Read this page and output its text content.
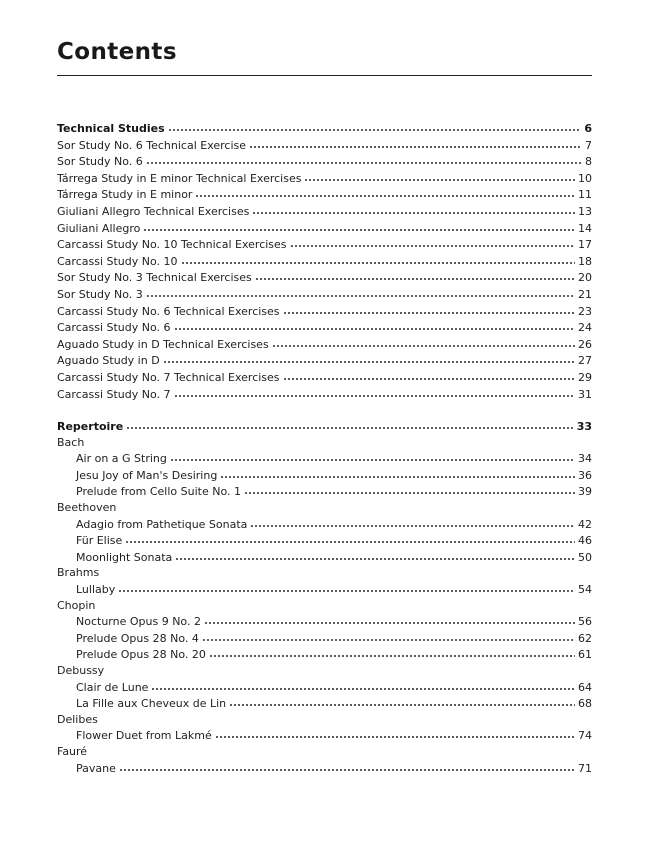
Contents
Technical Studies	6
Sor Study No. 6 Technical Exercise	7
Sor Study No. 6	8
Tárrega Study in E minor Technical Exercises	10
Tárrega Study in E minor	11
Giuliani Allegro Technical Exercises	13
Giuliani Allegro	14
Carcassi Study No. 10 Technical Exercises	17
Carcassi Study No. 10	18
Sor Study No. 3 Technical Exercises	20
Sor Study No. 3	21
Carcassi Study No. 6 Technical Exercises	23
Carcassi Study No. 6	24
Aguado Study in D Technical Exercises	26
Aguado Study in D	27
Carcassi Study No. 7 Technical Exercises	29
Carcassi Study No. 7	31
Repertoire	33
Bach
Air on a G String	34
Jesu Joy of Man's Desiring	36
Prelude from Cello Suite No. 1	39
Beethoven
Adagio from Pathetique Sonata	42
Für Elise	46
Moonlight Sonata	50
Brahms
Lullaby	54
Chopin
Nocturne Opus 9 No. 2	56
Prelude Opus 28 No. 4	62
Prelude Opus 28 No. 20	61
Debussy
Clair de Lune	64
La Fille aux Cheveux de Lin	68
Delibes
Flower Duet from Lakmé	74
Fauré
Pavane	71
